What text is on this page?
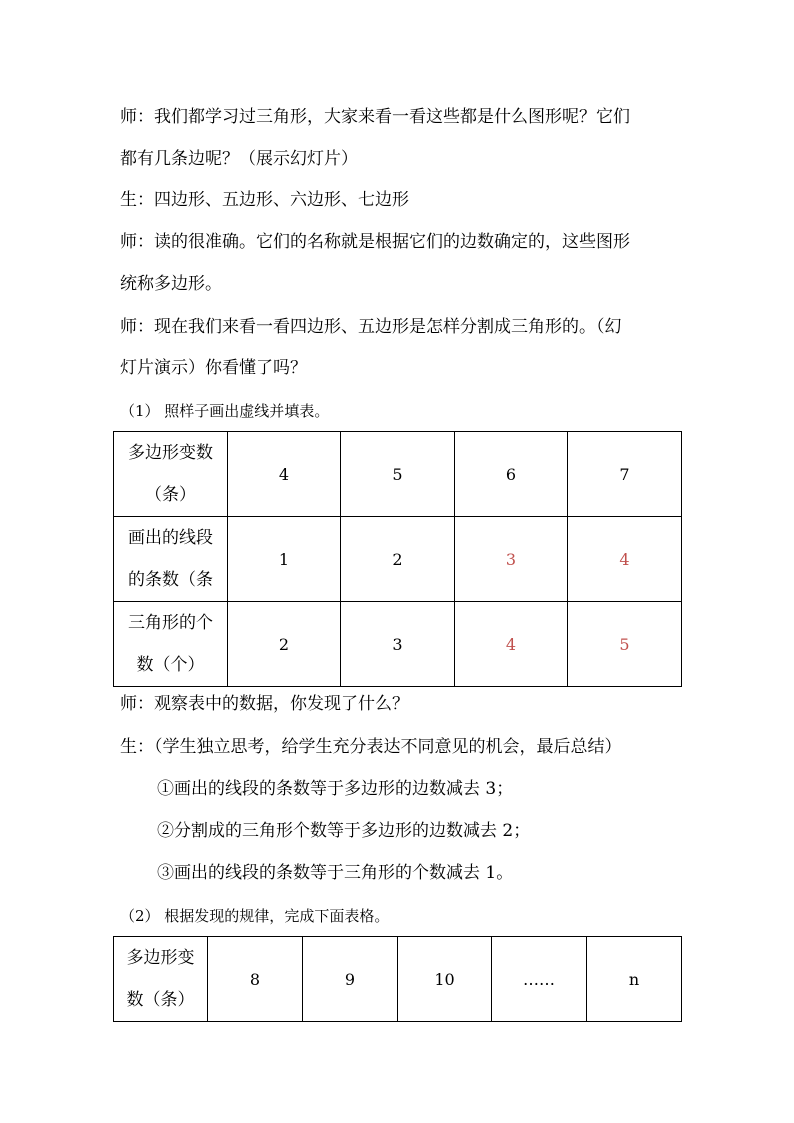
师：我们都学习过三角形，大家来看一看这些都是什么图形呢？它们
都有几条边呢？（展示幻灯片）
生：四边形、五边形、六边形、七边形
师：读的很准确。它们的名称就是根据它们的边数确定的，这些图形
统称多边形。
师：现在我们来看一看四边形、五边形是怎样分割成三角形的。（幻
灯片演示）你看懂了吗？
（1） 照样子画出虚线并填表。
多边形变数
（条）	4	5	6	7
画出的线段
的条数（条	1	2	3	4
三角形的个
数（个）	2	3	4	5
师：观察表中的数据，你发现了什么？
生：（学生独立思考，给学生充分表达不同意见的机会，最后总结）
①画出的线段的条数等于多边形的边数减去 3；
②分割成的三角形个数等于多边形的边数减去 2；
③画出的线段的条数等于三角形的个数减去 1。
（2） 根据发现的规律，完成下面表格。
多边形变
数（条）	8	9	10	……	n
